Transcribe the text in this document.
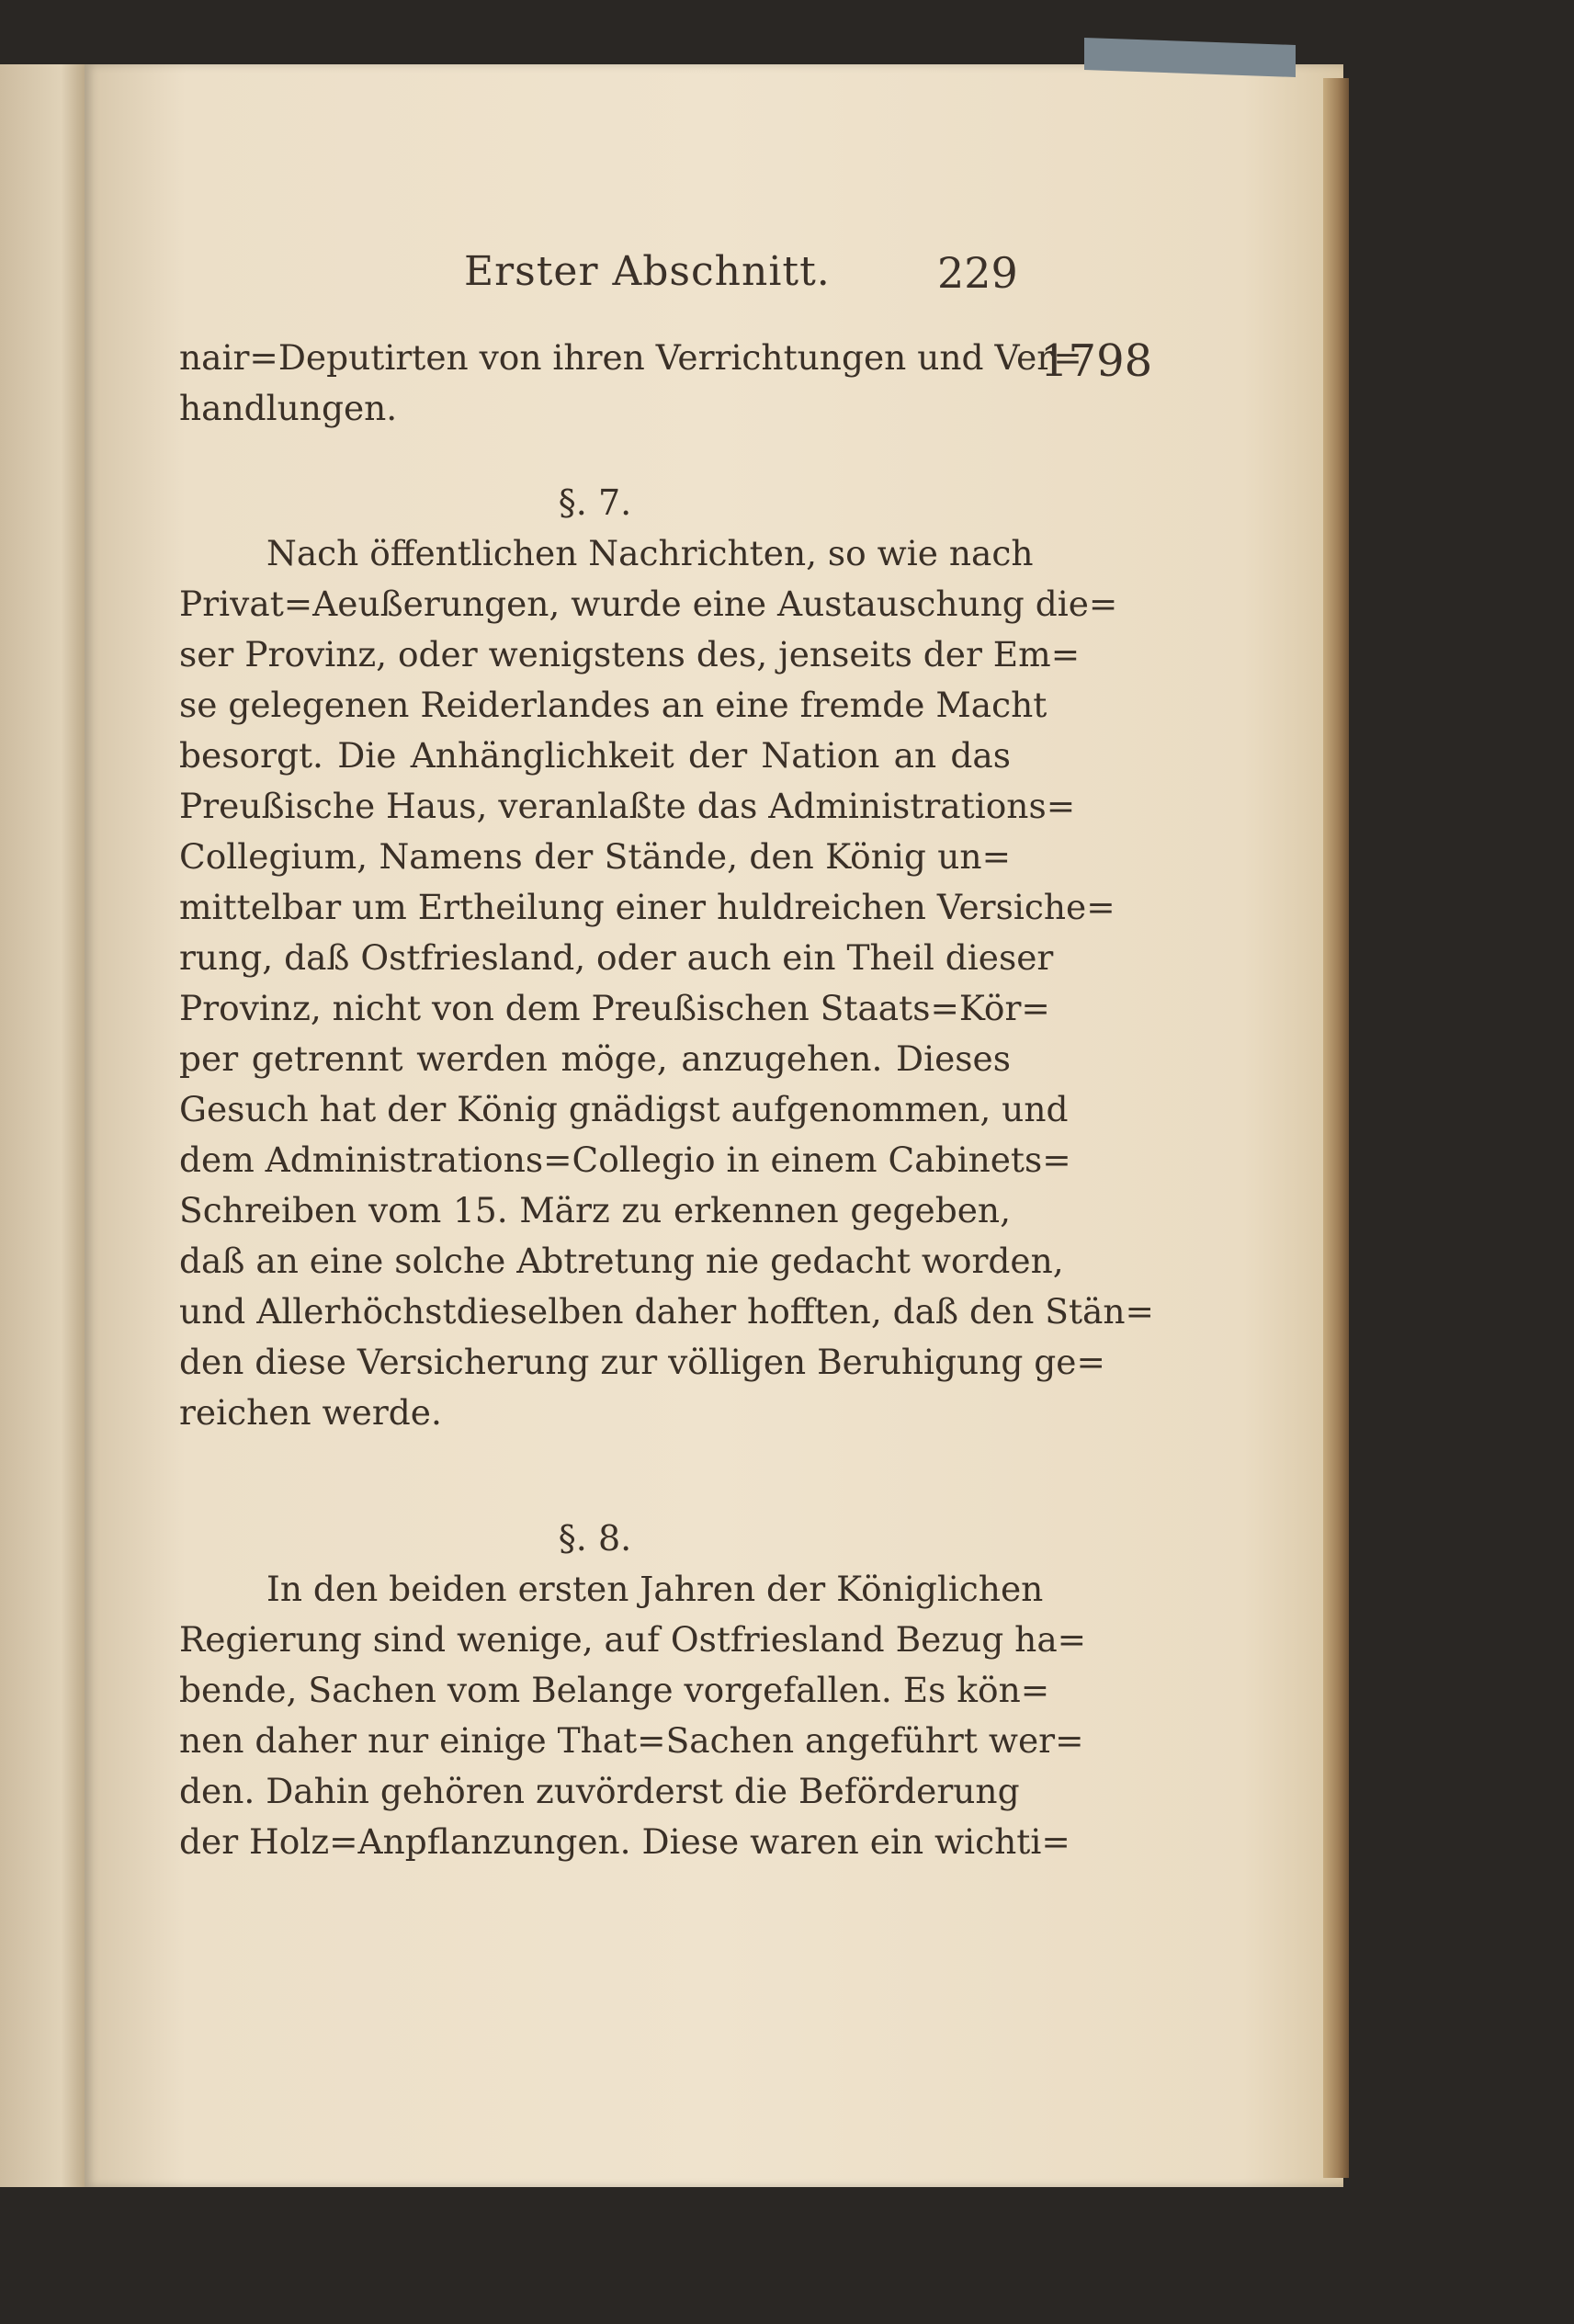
Erster Abschnitt.	229
1798
nair=Deputirten von ihren Verrichtungen und Ver=
handlungen.
§. 7.
Nach öffentlichen Nachrichten, so wie nach
Privat=Aeußerungen, wurde eine Austauschung die=
ser Provinz, oder wenigstens des, jenseits der Em=
se gelegenen Reiderlandes an eine fremde Macht
besorgt. Die Anhänglichkeit der Nation an das
Preußische Haus, veranlaßte das Administrations=
Collegium, Namens der Stände, den König un=
mittelbar um Ertheilung einer huldreichen Versiche=
rung, daß Ostfriesland, oder auch ein Theil dieser
Provinz, nicht von dem Preußischen Staats=Kör=
per getrennt werden möge, anzugehen. Dieses
Gesuch hat der König gnädigst aufgenommen, und
dem Administrations=Collegio in einem Cabinets=
Schreiben vom 15. März zu erkennen gegeben,
daß an eine solche Abtretung nie gedacht worden,
und Allerhöchstdieselben daher hofften, daß den Stän=
den diese Versicherung zur völligen Beruhigung ge=
reichen werde.
§. 8.
In den beiden ersten Jahren der Königlichen
Regierung sind wenige, auf Ostfriesland Bezug ha=
bende, Sachen vom Belange vorgefallen. Es kön=
nen daher nur einige That=Sachen angeführt wer=
den. Dahin gehören zuvörderst die Beförderung
der Holz=Anpflanzungen. Diese waren ein wichti=
